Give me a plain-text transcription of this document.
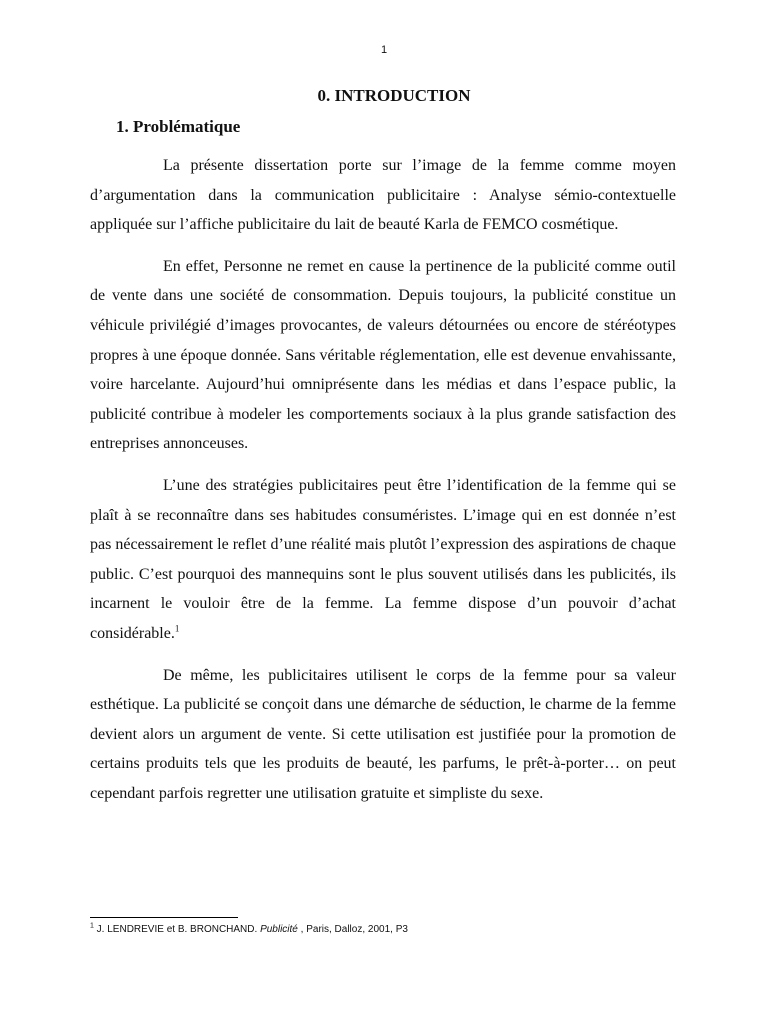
1
0. INTRODUCTION
1. Problématique

La présente dissertation porte sur l’image de la femme comme moyen d’argumentation dans la communication publicitaire : Analyse sémio-contextuelle appliquée sur l’affiche publicitaire du lait de beauté Karla de FEMCO cosmétique.

En effet, Personne ne remet en cause la pertinence de la publicité comme outil de vente dans une société de consommation. Depuis toujours, la publicité constitue un véhicule privilégié d’images provocantes, de valeurs détournées ou encore de stéréotypes propres à une époque donnée. Sans véritable réglementation, elle est devenue envahissante, voire harcelante. Aujourd’hui omniprésente dans les médias et dans l’espace public, la publicité contribue à modeler les comportements sociaux à la plus grande satisfaction des entreprises annonceuses.

L’une des stratégies publicitaires peut être l’identification de la femme qui se plaît à se reconnaître dans ses habitudes consuméristes. L’image qui en est donnée n’est pas nécessairement le reflet d’une réalité mais plutôt l’expression des aspirations de chaque public. C’est pourquoi des mannequins sont le plus souvent utilisés dans les publicités, ils incarnent le vouloir être de la femme. La femme dispose d’un pouvoir d’achat considérable.$^1$

De même, les publicitaires utilisent le corps de la femme pour sa valeur esthétique. La publicité se conçoit dans une démarche de séduction, le charme de la femme devient alors un argument de vente. Si cette utilisation est justifiée pour la promotion de certains produits tels que les produits de beauté, les parfums, le prêt-à-porter… on peut cependant parfois regretter une utilisation gratuite et simpliste du sexe.

$^1$ J. LENDREVIE et B. BRONCHAND. Publicité , Paris, Dalloz, 2001, P3
